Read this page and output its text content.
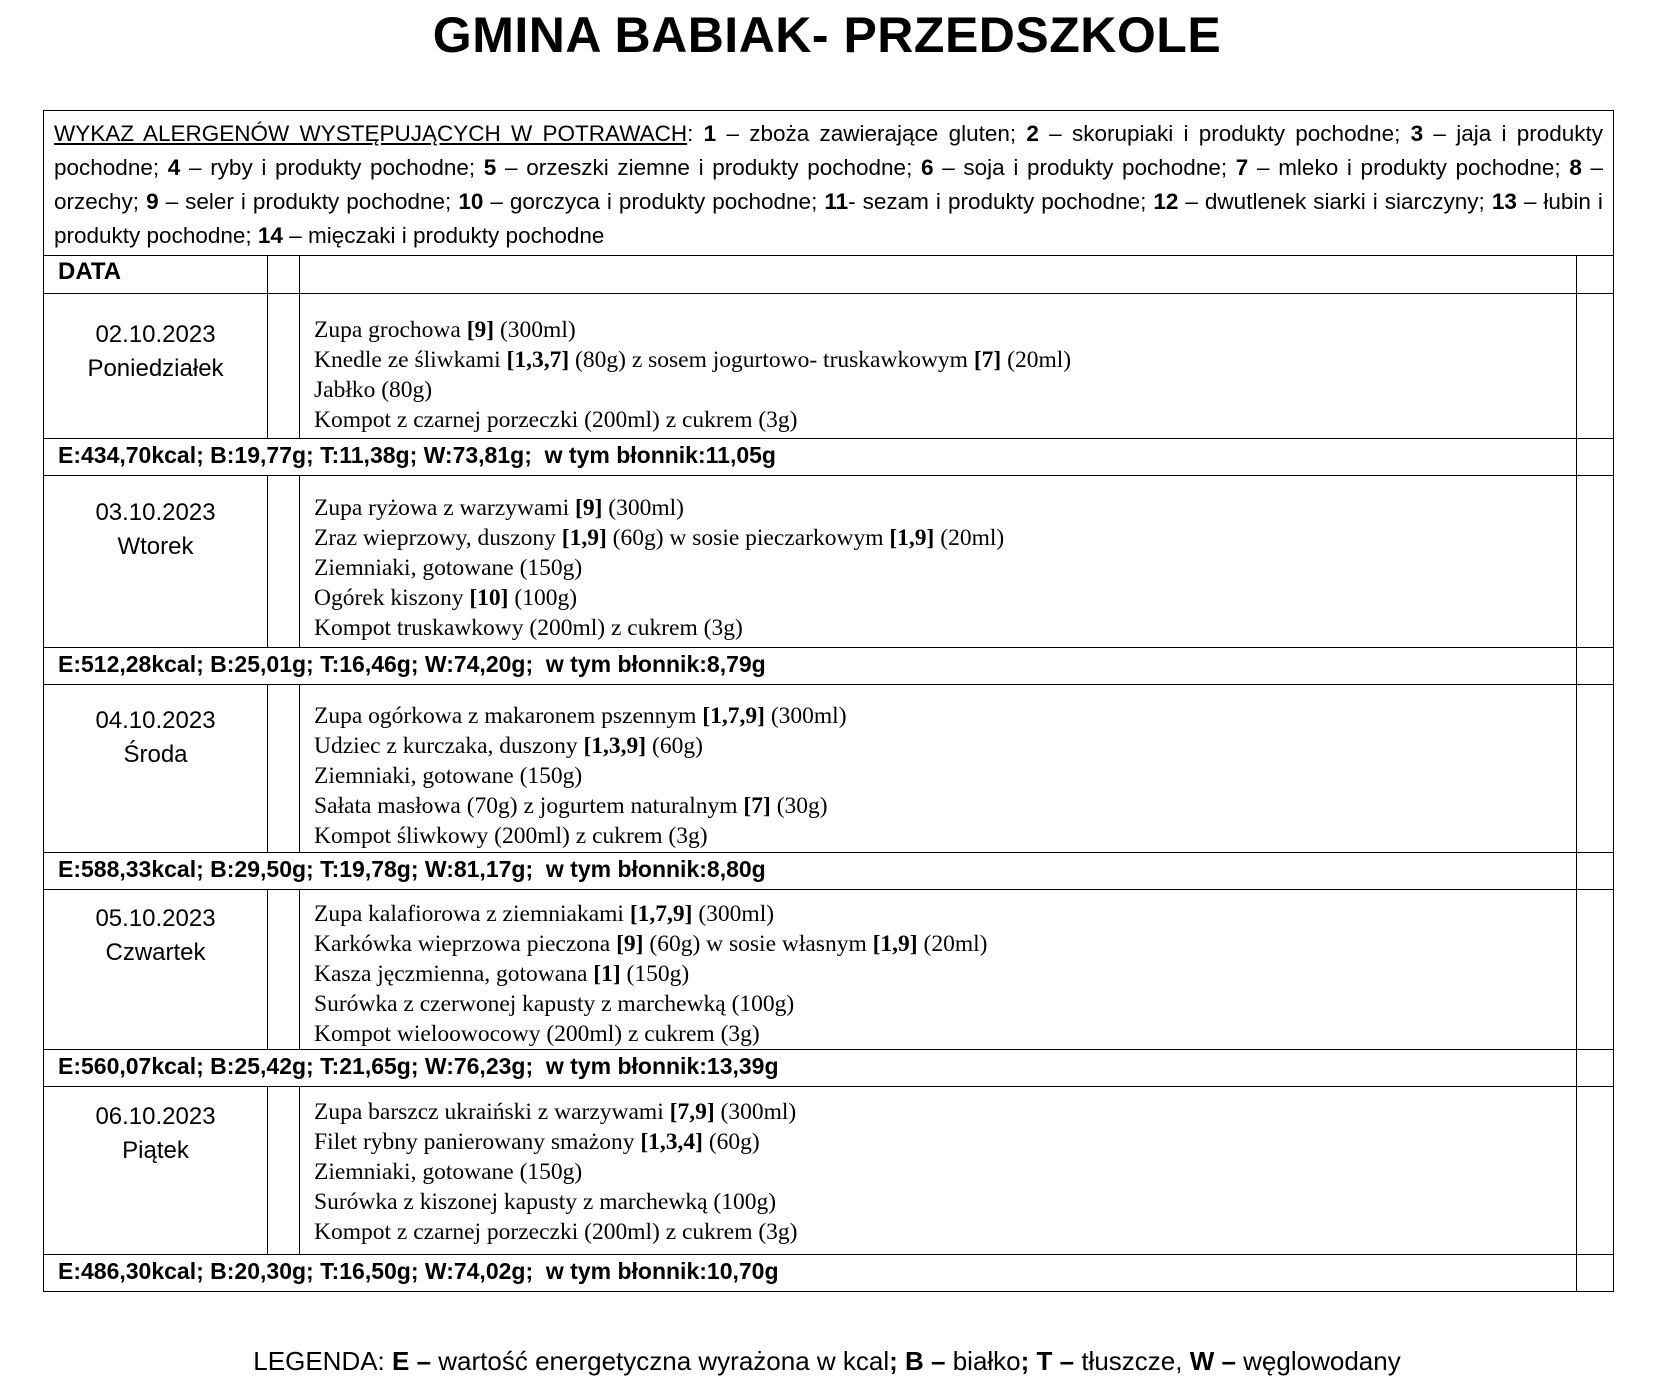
GMINA BABIAK- PRZEDSZKOLE
WYKAZ ALERGENÓW WYSTĘPUJĄCYCH W POTRAWACH: 1 – zboża zawierające gluten; 2 – skorupiaki i produkty pochodne; 3 – jaja i produkty pochodne; 4 – ryby i produkty pochodne; 5 – orzeszki ziemne i produkty pochodne; 6 – soja i produkty pochodne; 7 – mleko i produkty pochodne; 8 – orzechy; 9 – seler i produkty pochodne; 10 – gorczyca i produkty pochodne; 11- sezam i produkty pochodne; 12 – dwutlenek siarki i siarczyny; 13 – łubin i produkty pochodne; 14 – mięczaki i produkty pochodne			
DATA			

02.10.2023
Poniedziałek		Zupa grochowa [9] (300ml)
Knedle ze śliwkami [1,3,7] (80g) z sosem jogurtowo- truskawkowym [7] (20ml)
Jabłko (80g)
Kompot z czarnej porzeczki (200ml) z cukrem (3g)	

E:434,70kcal; B:19,77g; T:11,38g; W:73,81g;  w tym błonnik:11,05g			

03.10.2023
Wtorek		Zupa ryżowa z warzywami [9] (300ml)
Zraz wieprzowy, duszony [1,9] (60g) w sosie pieczarkowym [1,9] (20ml)
Ziemniaki, gotowane (150g)
Ogórek kiszony [10] (100g)
Kompot truskawkowy (200ml) z cukrem (3g)	

E:512,28kcal; B:25,01g; T:16,46g; W:74,20g;  w tym błonnik:8,79g			

04.10.2023
Środa		Zupa ogórkowa z makaronem pszennym [1,7,9] (300ml)
Udziec z kurczaka, duszony [1,3,9] (60g)
Ziemniaki, gotowane (150g)
Sałata masłowa (70g) z jogurtem naturalnym [7] (30g)
Kompot śliwkowy (200ml) z cukrem (3g)	

E:588,33kcal; B:29,50g; T:19,78g; W:81,17g;  w tym błonnik:8,80g			

05.10.2023
Czwartek		Zupa kalafiorowa z ziemniakami [1,7,9] (300ml)
Karkówka wieprzowa pieczona [9] (60g) w sosie własnym [1,9] (20ml)
Kasza jęczmienna, gotowana [1] (150g)
Surówka z czerwonej kapusty z marchewką (100g)
Kompot wieloowocowy (200ml) z cukrem (3g)	

E:560,07kcal; B:25,42g; T:21,65g; W:76,23g;  w tym błonnik:13,39g			

06.10.2023
Piątek		Zupa barszcz ukraiński z warzywami [7,9] (300ml)
Filet rybny panierowany smażony [1,3,4] (60g)
Ziemniaki, gotowane (150g)
Surówka z kiszonej kapusty z marchewką (100g)
Kompot z czarnej porzeczki (200ml) z cukrem (3g)	

E:486,30kcal; B:20,30g; T:16,50g; W:74,02g;  w tym błonnik:10,70g			
LEGENDA: E – wartość energetyczna wyrażona w kcal; B – białko; T – tłuszcze, W – węglowodany
